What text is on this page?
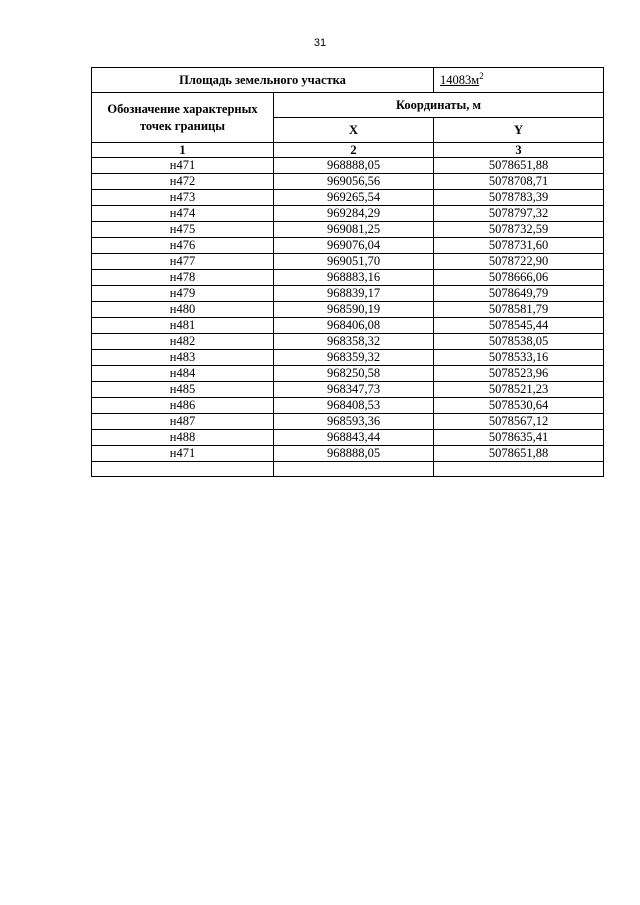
31
Площадь земельного участка		$14083м^2$
Обозначение характерных точек границы	Координаты, м	
	X	Y
1	2	3
н471	968888,05	5078651,88
н472	969056,56	5078708,71
н473	969265,54	5078783,39
н474	969284,29	5078797,32
н475	969081,25	5078732,59
н476	969076,04	5078731,60
н477	969051,70	5078722,90
н478	968883,16	5078666,06
н479	968839,17	5078649,79
н480	968590,19	5078581,79
н481	968406,08	5078545,44
н482	968358,32	5078538,05
н483	968359,32	5078533,16
н484	968250,58	5078523,96
н485	968347,73	5078521,23
н486	968408,53	5078530,64
н487	968593,36	5078567,12
н488	968843,44	5078635,41
н471	968888,05	5078651,88
